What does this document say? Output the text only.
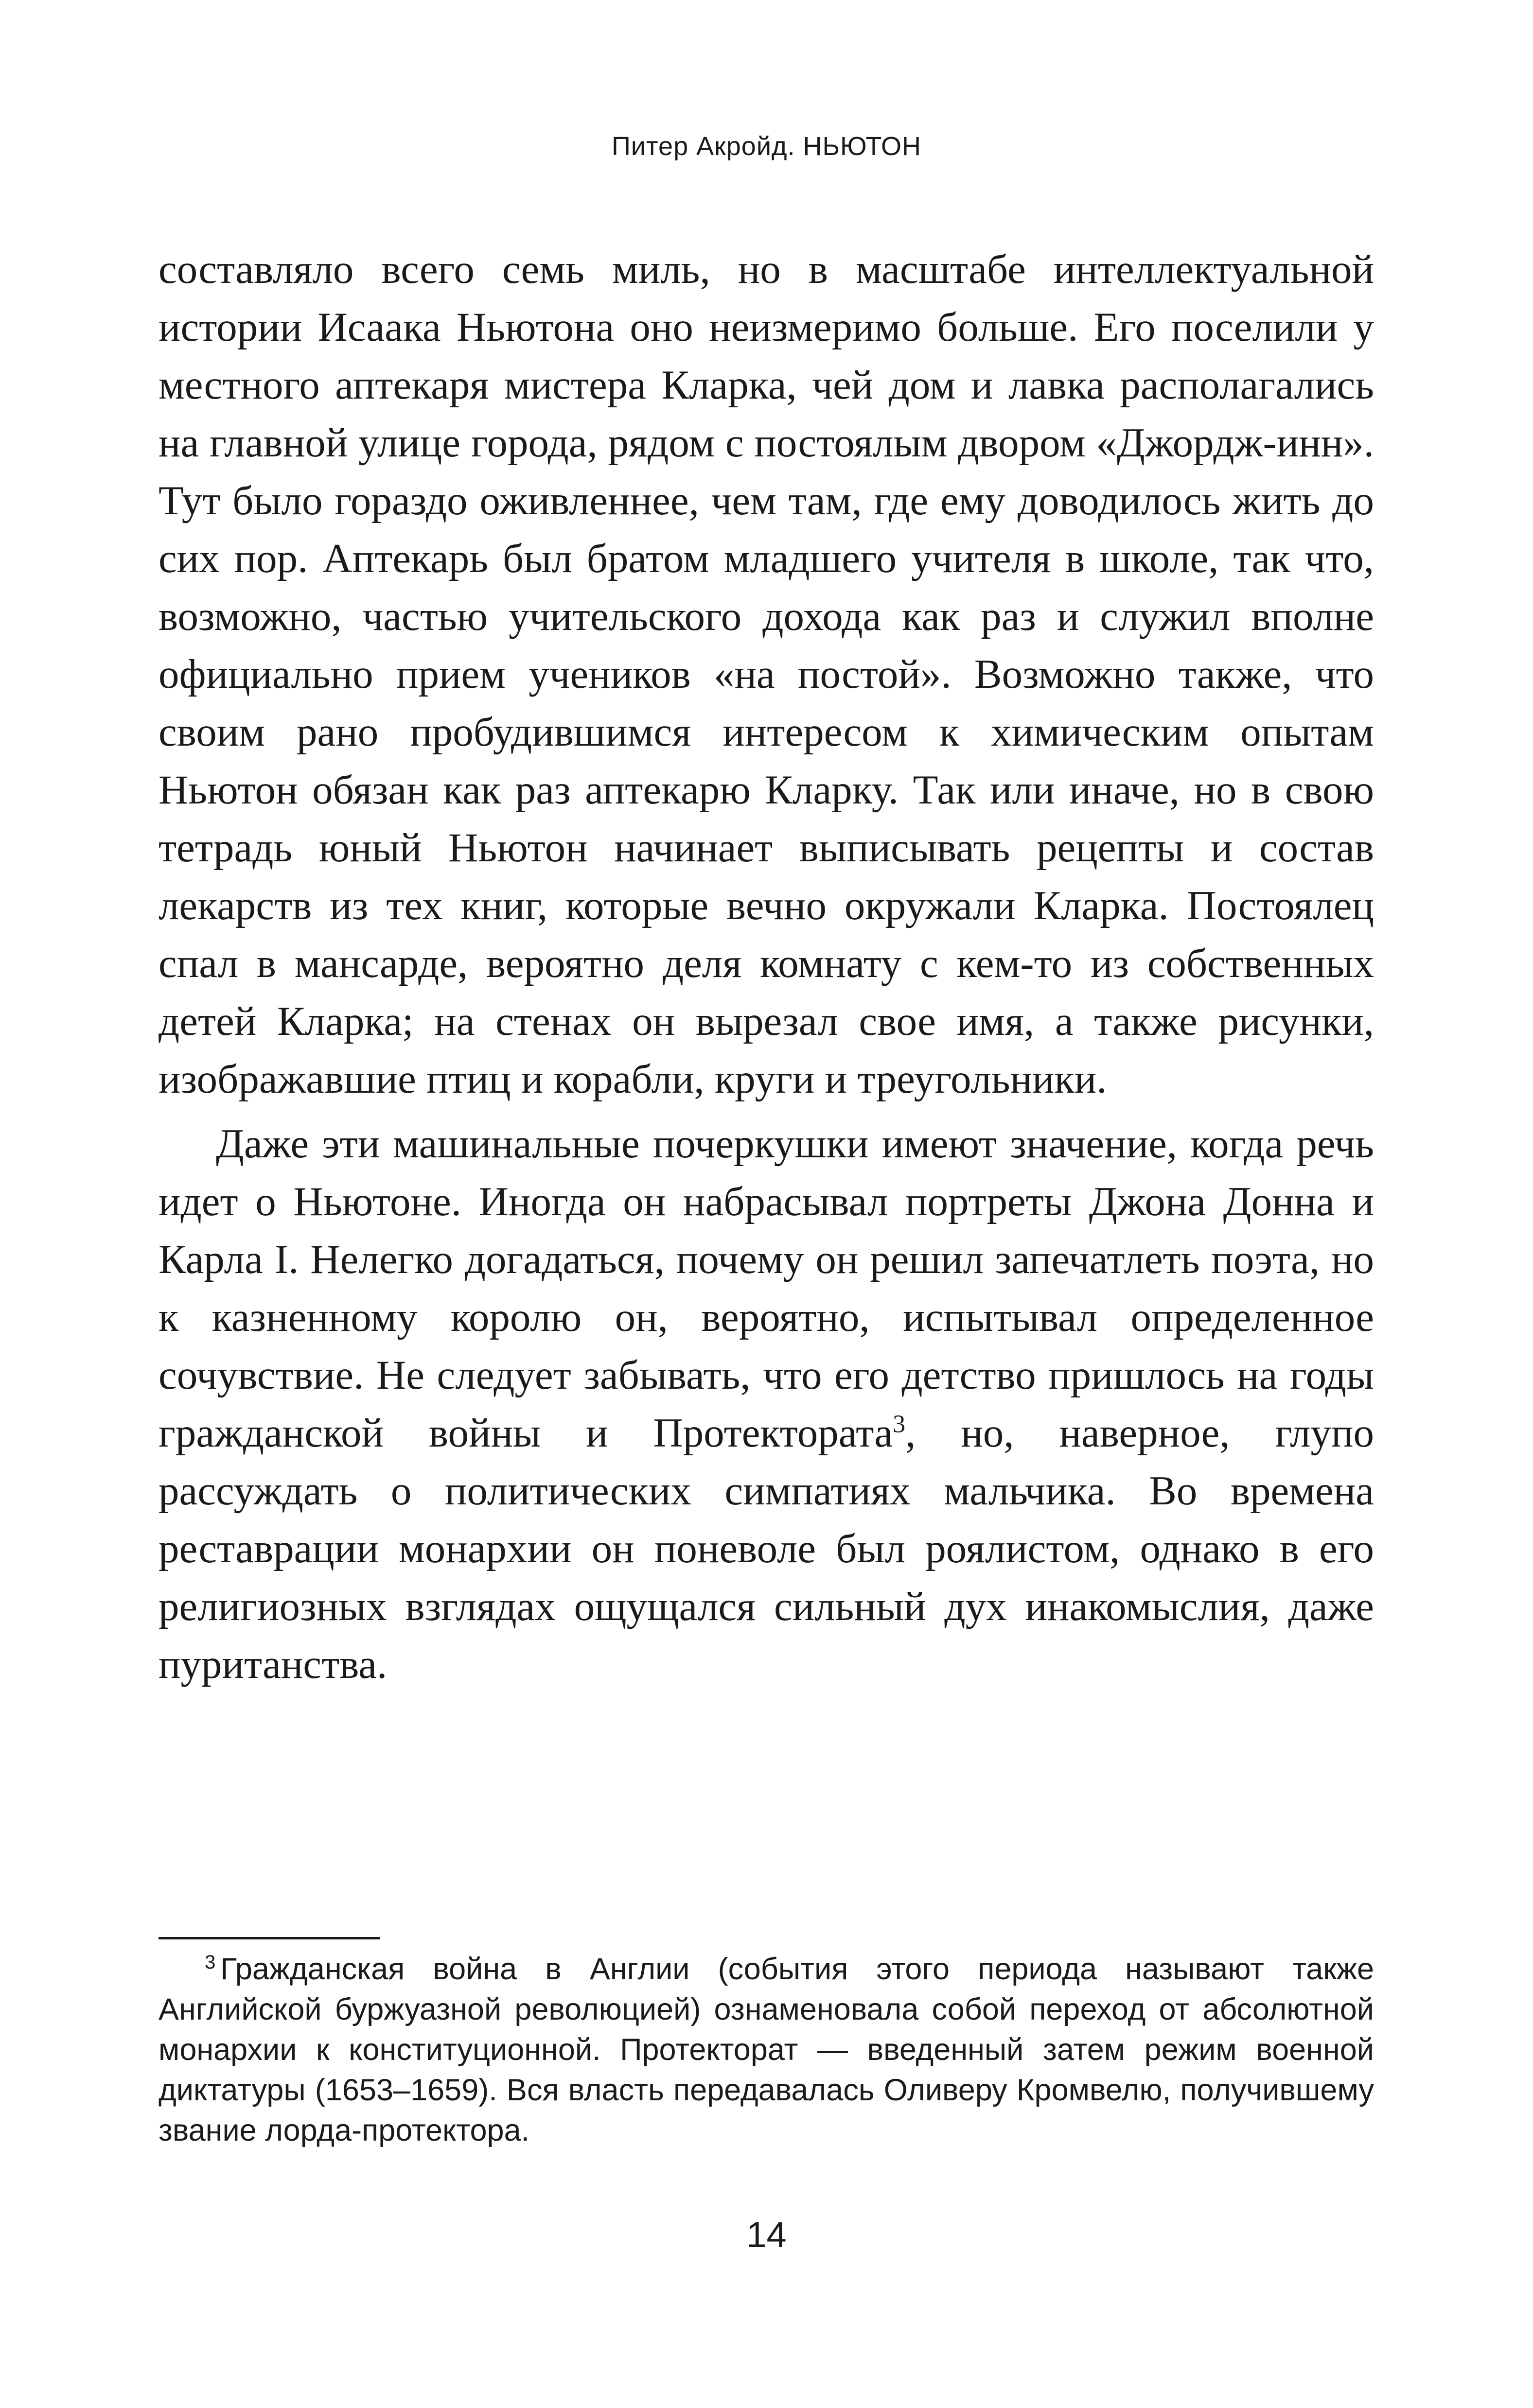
Питер Акройд. НЬЮТОН

составляло всего семь миль, но в масштабе интеллектуальной истории Исаака Ньютона оно неизмеримо больше. Его поселили у местного аптекаря мистера Кларка, чей дом и лавка располагались на главной улице города, рядом с постоялым двором «Джордж-инн». Тут было гораздо оживленнее, чем там, где ему доводилось жить до сих пор. Аптекарь был братом младшего учителя в школе, так что, возможно, частью учительского дохода как раз и служил вполне официально прием учеников «на постой». Возможно также, что своим рано пробудившимся интересом к химическим опытам Ньютон обязан как раз аптекарю Кларку. Так или иначе, но в свою тетрадь юный Ньютон начинает выписывать рецепты и состав лекарств из тех книг, которые вечно окружали Кларка. Постоялец спал в мансарде, вероятно деля комнату с кем-то из собственных детей Кларка; на стенах он вырезал свое имя, а также рисунки, изображавшие птиц и корабли, круги и треугольники.

Даже эти машинальные почеркушки имеют значение, когда речь идет о Ньютоне. Иногда он набрасывал портреты Джона Донна и Карла I. Нелегко догадаться, почему он решил запечатлеть поэта, но к казненному королю он, вероятно, испытывал определенное сочувствие. Не следует забывать, что его детство пришлось на годы гражданской войны и Протектората$^3$, но, наверное, глупо рассуждать о политических симпатиях мальчика. Во времена реставрации монархии он поневоле был роялистом, однако в его религиозных взглядах ощущался сильный дух инакомыслия, даже пуританства.

$^3$ Гражданская война в Англии (события этого периода называют также Английской буржуазной революцией) ознаменовала собой переход от абсолютной монархии к конституционной. Протекторат — введенный затем режим военной диктатуры (1653–1659). Вся власть передавалась Оливеру Кромвелю, получившему звание лорда-протектора.
14
